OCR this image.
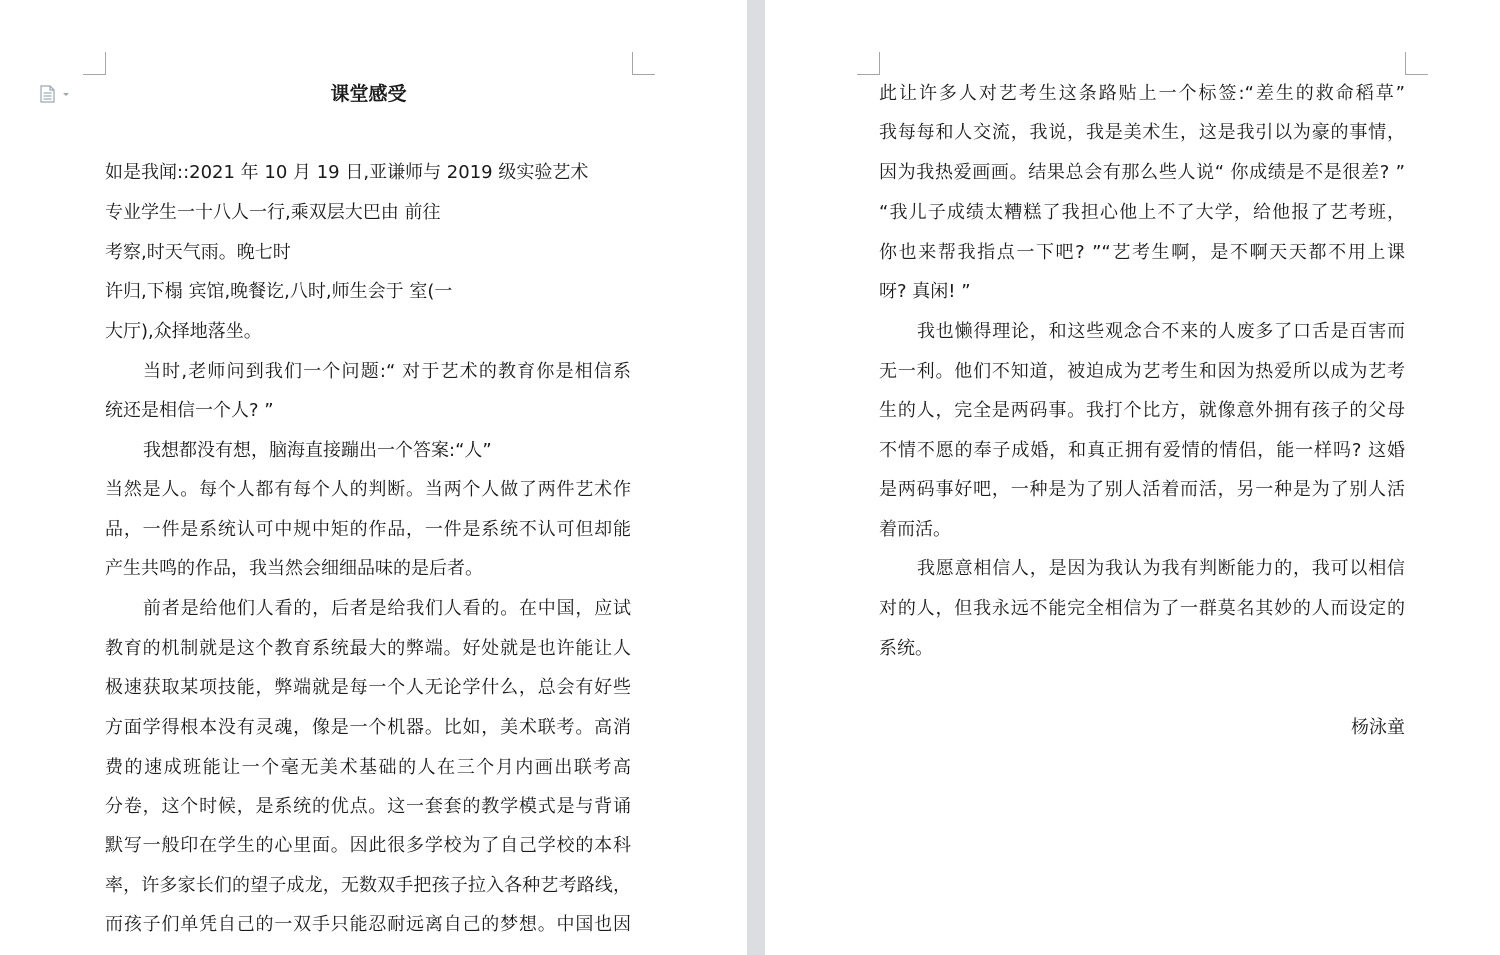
课堂感受
如是我闻::2021 年 10 月 19 日,亚谦师与 2019 级实验艺术
专业学生一十八人一行,乘双层大巴由 前往
考察,时天气雨。晚七时
许归,下榻 宾馆,晚餐讫,八时,师生会于 室(一
大厅),众择地落坐。
当时,老师问到我们一个问题:“ 对于艺术的教育你是相信系
统还是相信一个人? ”
我想都没有想，脑海直接蹦出一个答案:“人”
当然是人。每个人都有每个人的判断。当两个人做了两件艺术作
品，一件是系统认可中规中矩的作品，一件是系统不认可但却能
产生共鸣的作品，我当然会细细品味的是后者。
前者是给他们人看的，后者是给我们人看的。在中国，应试
教育的机制就是这个教育系统最大的弊端。好处就是也许能让人
极速获取某项技能，弊端就是每一个人无论学什么，总会有好些
方面学得根本没有灵魂，像是一个机器。比如，美术联考。高消
费的速成班能让一个毫无美术基础的人在三个月内画出联考高
分卷，这个时候，是系统的优点。这一套套的教学模式是与背诵
默写一般印在学生的心里面。因此很多学校为了自己学校的本科
率，许多家长们的望子成龙，无数双手把孩子拉入各种艺考路线，
而孩子们单凭自己的一双手只能忍耐远离自己的梦想。中国也因
此让许多人对艺考生这条路贴上一个标签:“差生的救命稻草”
我每每和人交流，我说，我是美术生，这是我引以为豪的事情，
因为我热爱画画。结果总会有那么些人说“ 你成绩是不是很差? ”
“我儿子成绩太糟糕了我担心他上不了大学，给他报了艺考班，
你也来帮我指点一下吧? ”“艺考生啊，是不啊天天都不用上课
呀? 真闲! ”
我也懒得理论，和这些观念合不来的人废多了口舌是百害而
无一利。他们不知道，被迫成为艺考生和因为热爱所以成为艺考
生的人，完全是两码事。我打个比方，就像意外拥有孩子的父母
不情不愿的奉子成婚，和真正拥有爱情的情侣，能一样吗? 这婚
是两码事好吧，一种是为了别人活着而活，另一种是为了别人活
着而活。
我愿意相信人，是因为我认为我有判断能力的，我可以相信
对的人，但我永远不能完全相信为了一群莫名其妙的人而设定的
系统。
杨泳童
